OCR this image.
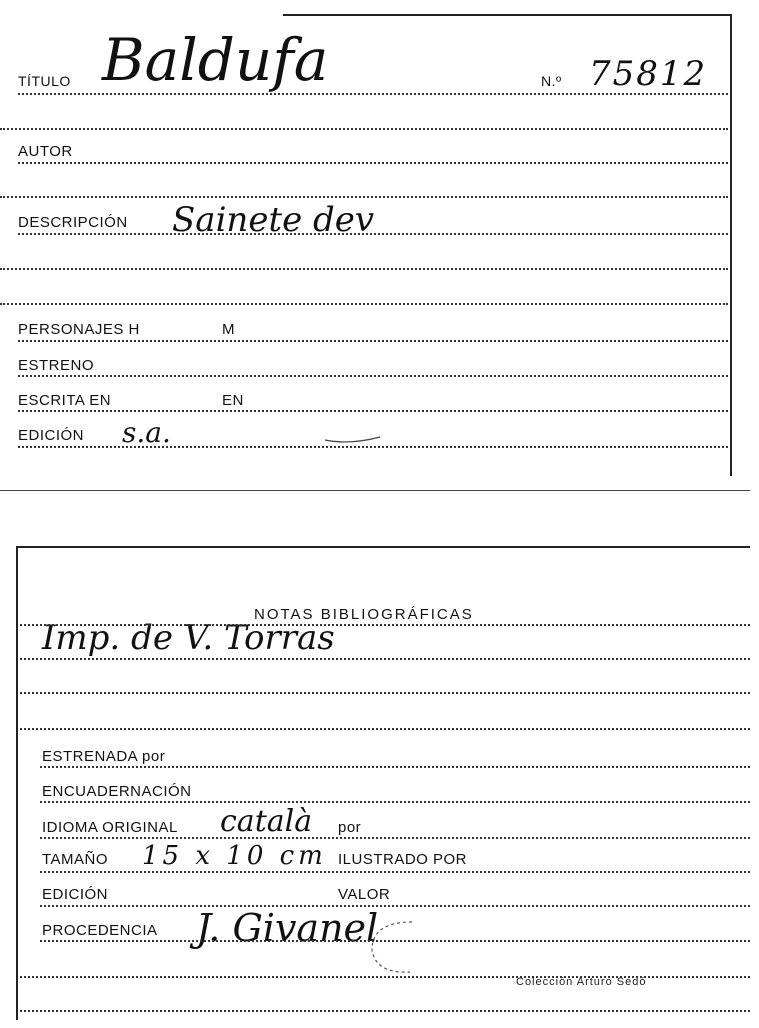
TÍTULO Baldufa	N.º 75812
AUTOR
DESCRIPCIÓN Sainete dev
PERSONAJES H	M
ESTRENO
ESCRITA EN	EN
EDICIÓN s.a.
NOTAS BIBLIOGRÁFICAS
Imp. de V. Torras
ESTRENADA por
ENCUADERNACIÓN
IDIOMA ORIGINAL català por
TAMAÑO 15 x 10 cm ILUSTRADO POR
EDICIÓN	VALOR
PROCEDENCIA J. Givanel
Colección Arturo Sedó
